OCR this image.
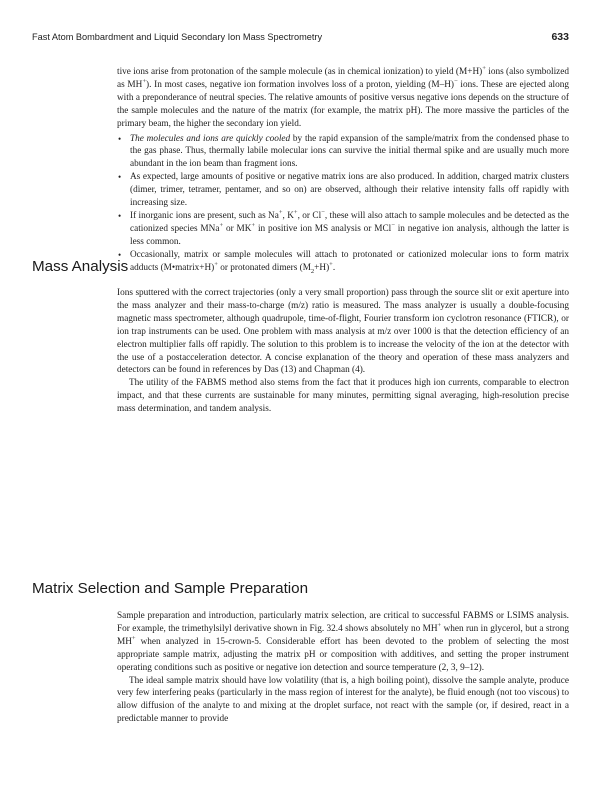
Fast Atom Bombardment and Liquid Secondary Ion Mass Spectrometry	633

tive ions arise from protonation of the sample molecule (as in chemical ionization) to yield (M+H)+ ions (also symbolized as MH+). In most cases, negative ion formation involves loss of a proton, yielding (M–H)− ions. These are ejected along with a preponderance of neutral species. The relative amounts of positive versus negative ions depends on the structure of the sample molecules and the nature of the matrix (for example, the matrix pH). The more massive the particles of the primary beam, the higher the secondary ion yield.

• The molecules and ions are quickly cooled by the rapid expansion of the sample/matrix from the condensed phase to the gas phase. Thus, thermally labile molecular ions can survive the initial thermal spike and are usually much more abundant in the ion beam than fragment ions.
• As expected, large amounts of positive or negative matrix ions are also produced. In addition, charged matrix clusters (dimer, trimer, tetramer, pentamer, and so on) are observed, although their relative intensity falls off rapidly with increasing size.
• If inorganic ions are present, such as Na+, K+, or Cl−, these will also attach to sample molecules and be detected as the cationized species MNa+ or MK+ in positive ion MS analysis or MCl− in negative ion analysis, although the latter is less common.
• Occasionally, matrix or sample molecules will attach to protonated or cationized molecular ions to form matrix adducts (M•matrix+H)+ or protonated dimers $(M_2+H)^+$.
Mass Analysis

Ions sputtered with the correct trajectories (only a very small proportion) pass through the source slit or exit aperture into the mass analyzer and their mass-to-charge (m/z) ratio is measured. The mass analyzer is usually a double-focusing magnetic mass spectrometer, although quadrupole, time-of-flight, Fourier transform ion cyclotron resonance (FTICR), or ion trap instruments can be used. One problem with mass analysis at m/z over 1000 is that the detection efficiency of an electron multiplier falls off rapidly. The solution to this problem is to increase the velocity of the ion at the detector with the use of a postacceleration detector. A concise explanation of the theory and operation of these mass analyzers and detectors can be found in references by Das (13) and Chapman (4).

The utility of the FABMS method also stems from the fact that it produces high ion currents, comparable to electron impact, and that these currents are sustainable for many minutes, permitting signal averaging, high-resolution precise mass determination, and tandem analysis.

Matrix Selection and Sample Preparation

Sample preparation and introduction, particularly matrix selection, are critical to successful FABMS or LSIMS analysis. For example, the trimethylsilyl derivative shown in Fig. 32.4 shows absolutely no MH+ when run in glycerol, but a strong MH+ when analyzed in 15-crown-5. Considerable effort has been devoted to the problem of selecting the most appropriate sample matrix, adjusting the matrix pH or composition with additives, and setting the proper instrument operating conditions such as positive or negative ion detection and source temperature (2, 3, 9–12).

The ideal sample matrix should have low volatility (that is, a high boiling point), dissolve the sample analyte, produce very few interfering peaks (particularly in the mass region of interest for the analyte), be fluid enough (not too viscous) to allow diffusion of the analyte to and mixing at the droplet surface, not react with the sample (or, if desired, react in a predictable manner to provide
